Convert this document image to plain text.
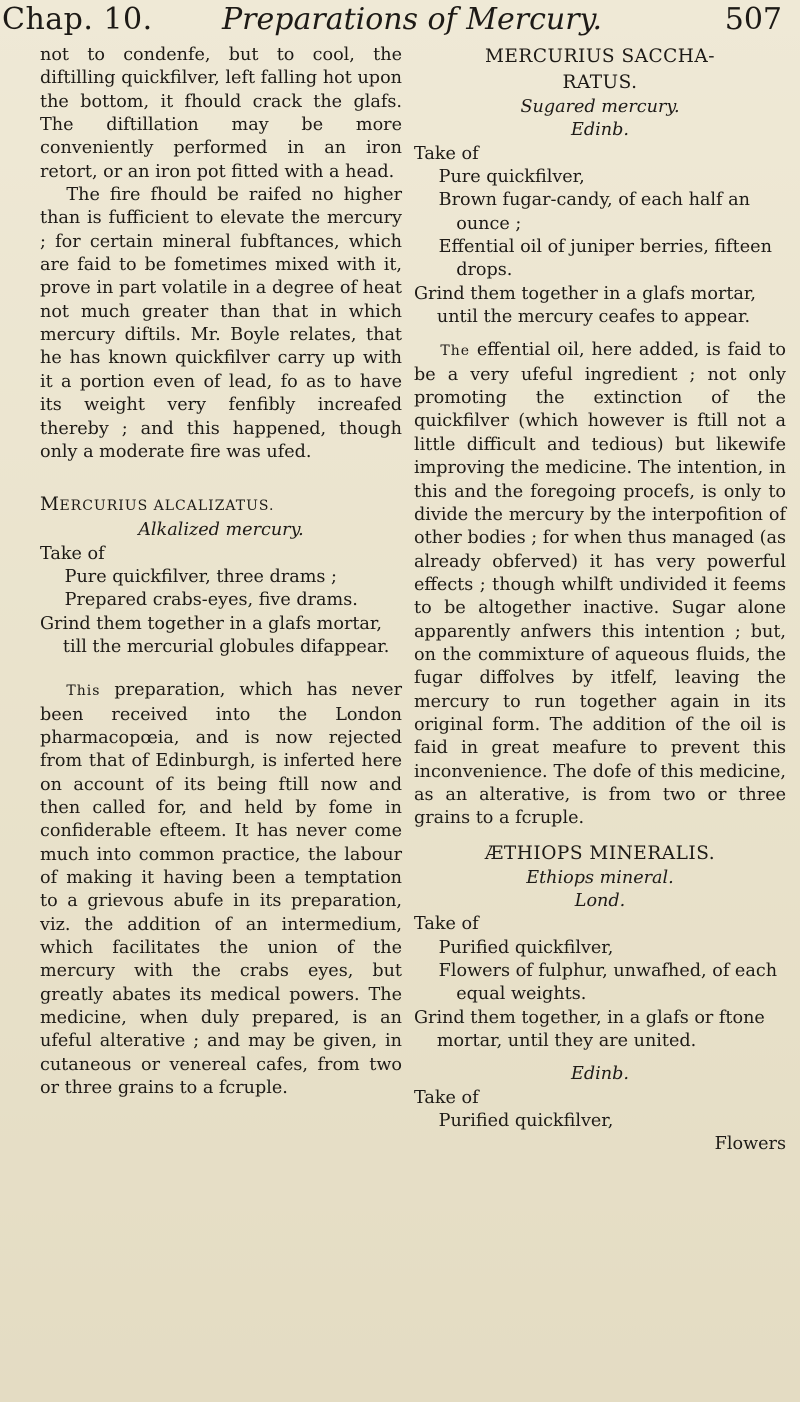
Chap. 10. Preparations of Mercury.	507

not to condenfe, but to cool, the diftilling quickfilver, left falling hot upon the bottom, it fhould crack the glafs. The diftillation may be more conveniently performed in an iron retort, or an iron pot fitted with a head.

The fire fhould be raifed no higher than is fufficient to elevate the mercury ; for certain mineral fubftances, which are faid to be fometimes mixed with it, prove in part volatile in a degree of heat not much greater than that in which mercury diftils. Mr. Boyle relates, that he has known quickfilver carry up with it a portion even of lead, fo as to have its weight very fenfibly increafed thereby ; and this happened, though only a moderate fire was ufed.

MERCURIUS ALCALIZATUS.

Alkalized mercury.

Take of

Pure quickfilver, three drams ;

Prepared crabs-eyes, five drams.

Grind them together in a glafs mortar, till the mercurial globules difappear.

This preparation, which has never been received into the London pharmacopœia, and is now rejected from that of Edinburgh, is inferted here on account of its being ftill now and then called for, and held by fome in confiderable efteem. It has never come much into common practice, the labour of making it having been a temptation to a grievous abufe in its preparation, viz. the addition of an intermedium, which facilitates the union of the mercury with the crabs eyes, but greatly abates its medical powers. The medicine, when duly prepared, is an ufeful alterative ; and may be given, in cutaneous or venereal cafes, from two or three grains to a fcruple.

MERCURIUS SACCHA-

RATUS.

Sugared mercury.

Edinb.

Take of

Pure quickfilver,

Brown fugar-candy, of each half an ounce ;

Effential oil of juniper berries, fifteen drops.

Grind them together in a glafs mortar, until the mercury ceafes to appear.

The effential oil, here added, is faid to be a very ufeful ingredient ; not only promoting the extinction of the quickfilver (which however is ftill not a little difficult and tedious) but likewife improving the medicine. The intention, in this and the foregoing procefs, is only to divide the mercury by the interpofition of other bodies ; for when thus managed (as already obferved) it has very powerful effects ; though whilft undivided it feems to be altogether inactive. Sugar alone apparently anfwers this intention ; but, on the commixture of aqueous fluids, the fugar diffolves by itfelf, leaving the mercury to run together again in its original form. The addition of the oil is faid in great meafure to prevent this inconvenience. The dofe of this medicine, as an alterative, is from two or three grains to a fcruple.

ÆTHIOPS MINERALIS.

Ethiops mineral.

Lond.

Take of

Purified quickfilver,

Flowers of fulphur, unwafhed, of each equal weights.

Grind them together, in a glafs or ftone mortar, until they are united.

Edinb.

Take of

Purified quickfilver,

Flowers
